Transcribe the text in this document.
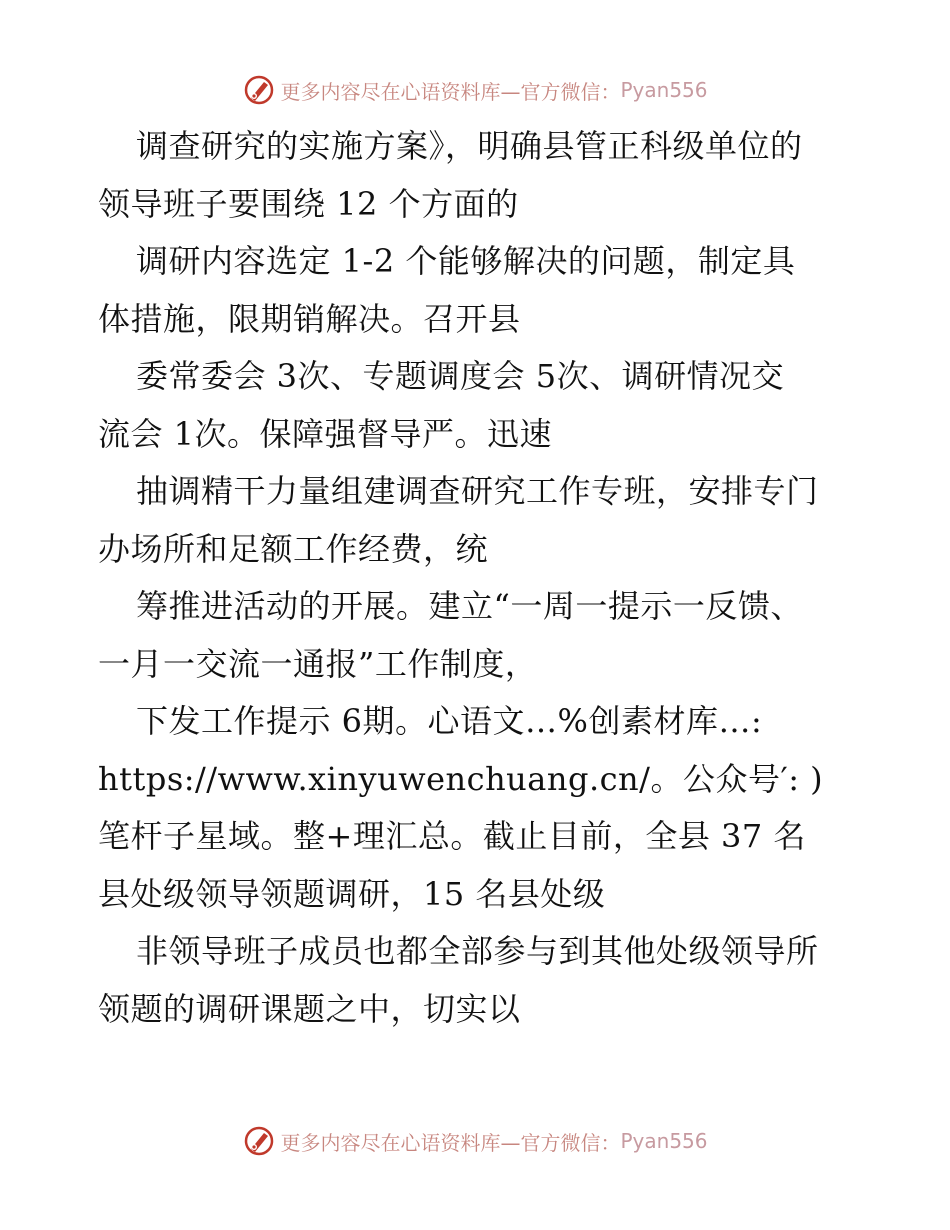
更多内容尽在心语资料库—官方微信： Pyan556
调查研究的实施方案》，明确县管正科级单位的
领导班子要围绕 12 个方面的
调研内容选定 1-2 个能够解决的问题，制定具
体措施，限期销解决。召开县
委常委会 3次、专题调度会 5次、调研情况交
流会 1次。保障强督导严。迅速
抽调精干力量组建调查研究工作专班，安排专门
办场所和足额工作经费，统
筹推进活动的开展。建立“一周一提示一反馈、
一月一交流一通报”工作制度，
下发工作提示 6期。心语文…%创素材库…:
https://www.xinyuwenchuang.cn/。公众号′: )
笔杆子星域。整+理汇总。截止目前，全县 37 名
县处级领导领题调研，15 名县处级
非领导班子成员也都全部参与到其他处级领导所
领题的调研课题之中，切实以
更多内容尽在心语资料库—官方微信： Pyan556
